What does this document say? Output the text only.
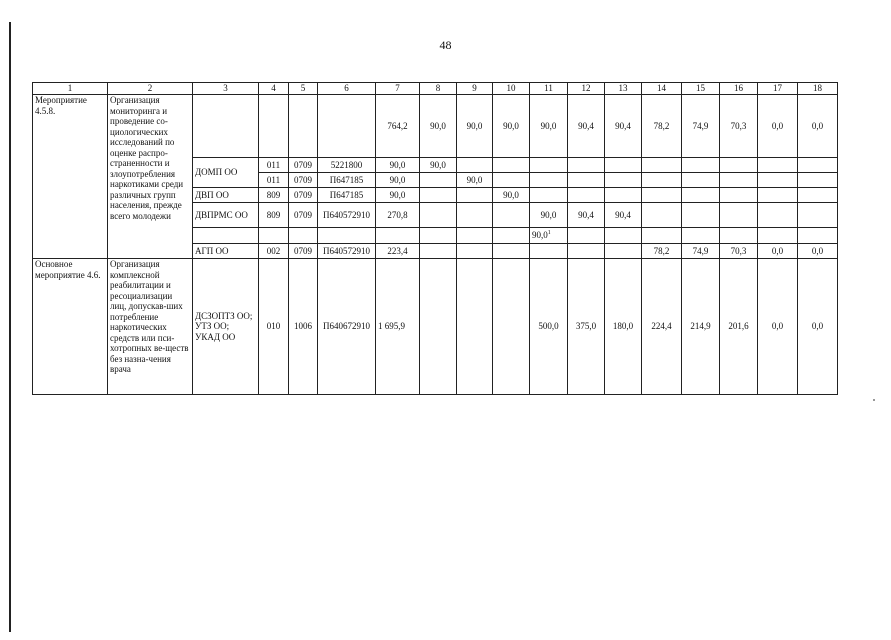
48
1	2	3	4	5	6	7	8	9	10	11	12	13	14	15	16	17	18
Мероприятие 4.5.8.	Организация мониторинга и проведение со-циологических исследований по оценке распро-страненности и злоупотребления наркотиками среди различных групп населения, прежде всего молодежи					764,2	90,0	90,0	90,0	90,0	90,4	90,4	78,2	74,9	70,3	0,0	0,0
		ДОМП ОО	011	0709	5221800	90,0	90,0										
			011	0709	П647185	90,0		90,0									
		ДВП ОО	809	0709	П647185	90,0			90,0								
		ДВПРМС ОО	809	0709	П640572910	270,8				90,0	90,4	90,4					
										90,0$^1$							
		АГП ОО	002	0709	П640572910	223,4							78,2	74,9	70,3	0,0	0,0
Основное мероприятие 4.6.	Организация комплексной реабилитации и ресоциализации лиц, допускав-ших потребление наркотических средств или пси-хотропных ве-ществ без назна-чения врача	ДСЗОПТЗ ОО; УТЗ ОО; УКАД ОО	010	1006	П640672910	1 695,9				500,0	375,0	180,0	224,4	214,9	201,6	0,0	0,0
